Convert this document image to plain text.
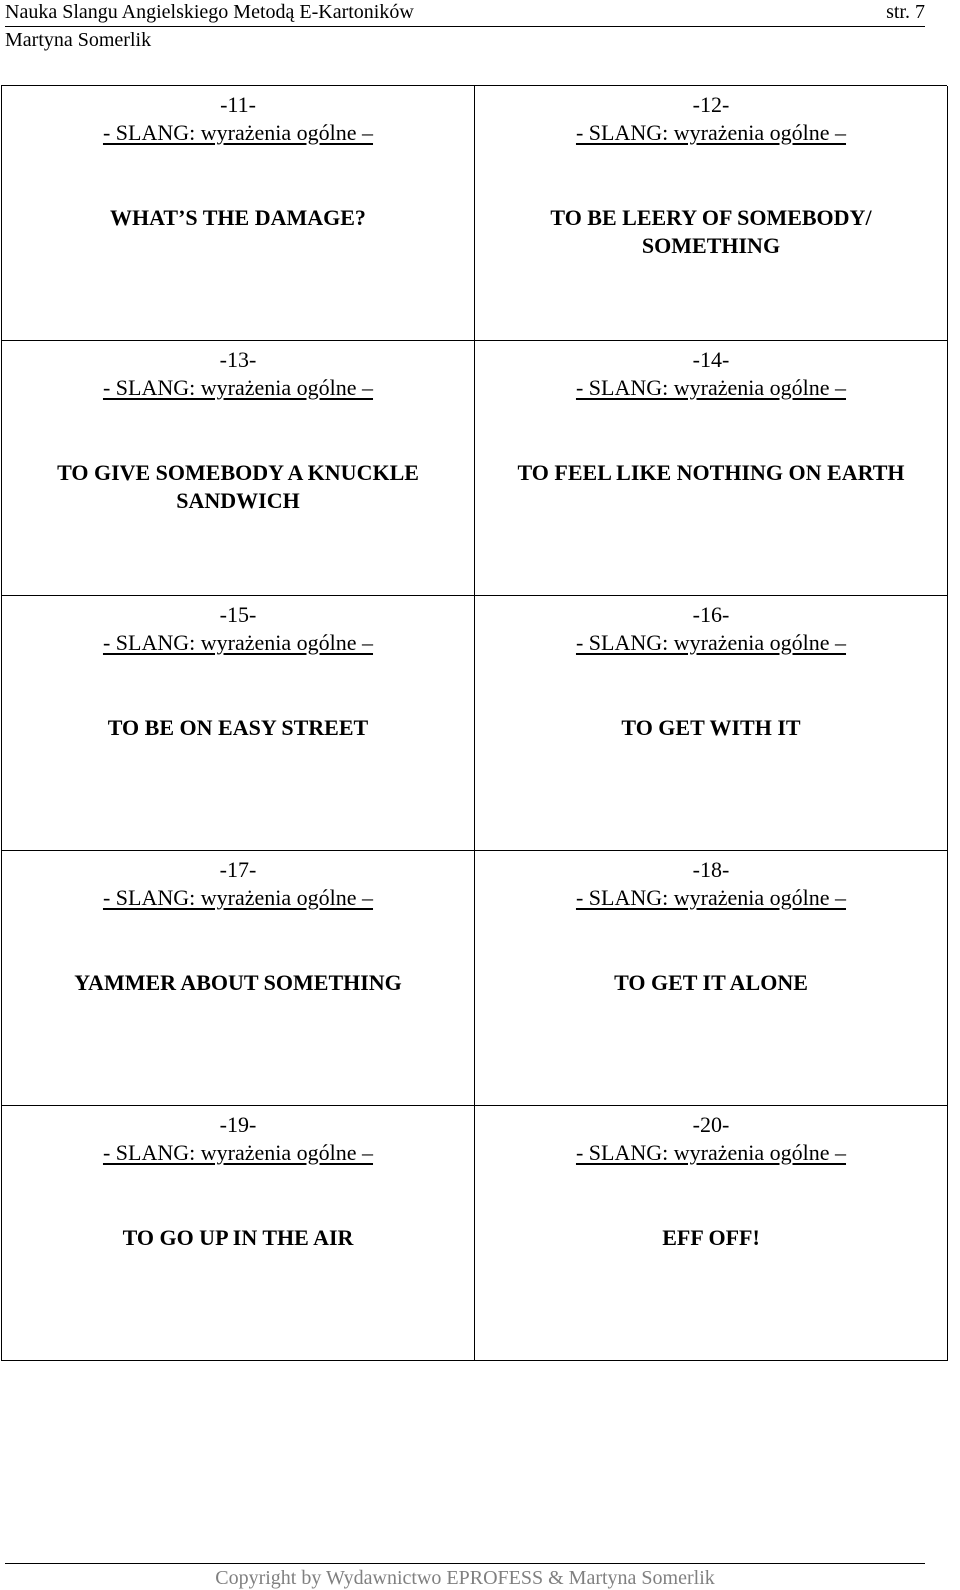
Nauka Slangu Angielskiego Metodą E-Kartoników	str. 7
Martyna Somerlik
-11-
- SLANG: wyrażenia ogólne –
WHAT’S THE DAMAGE?
-12-
- SLANG: wyrażenia ogólne –
TO BE LEERY OF SOMEBODY/ SOMETHING
-13-
- SLANG: wyrażenia ogólne –
TO GIVE SOMEBODY A KNUCKLE SANDWICH
-14-
- SLANG: wyrażenia ogólne –
TO FEEL LIKE NOTHING ON EARTH
-15-
- SLANG: wyrażenia ogólne –
TO BE ON EASY STREET
-16-
- SLANG: wyrażenia ogólne –
TO GET WITH IT
-17-
- SLANG: wyrażenia ogólne –
YAMMER ABOUT SOMETHING
-18-
- SLANG: wyrażenia ogólne –
TO GET IT ALONE
-19-
- SLANG: wyrażenia ogólne –
TO GO UP IN THE AIR
-20-
- SLANG: wyrażenia ogólne –
EFF OFF!
Copyright by Wydawnictwo EPROFESS & Martyna Somerlik
